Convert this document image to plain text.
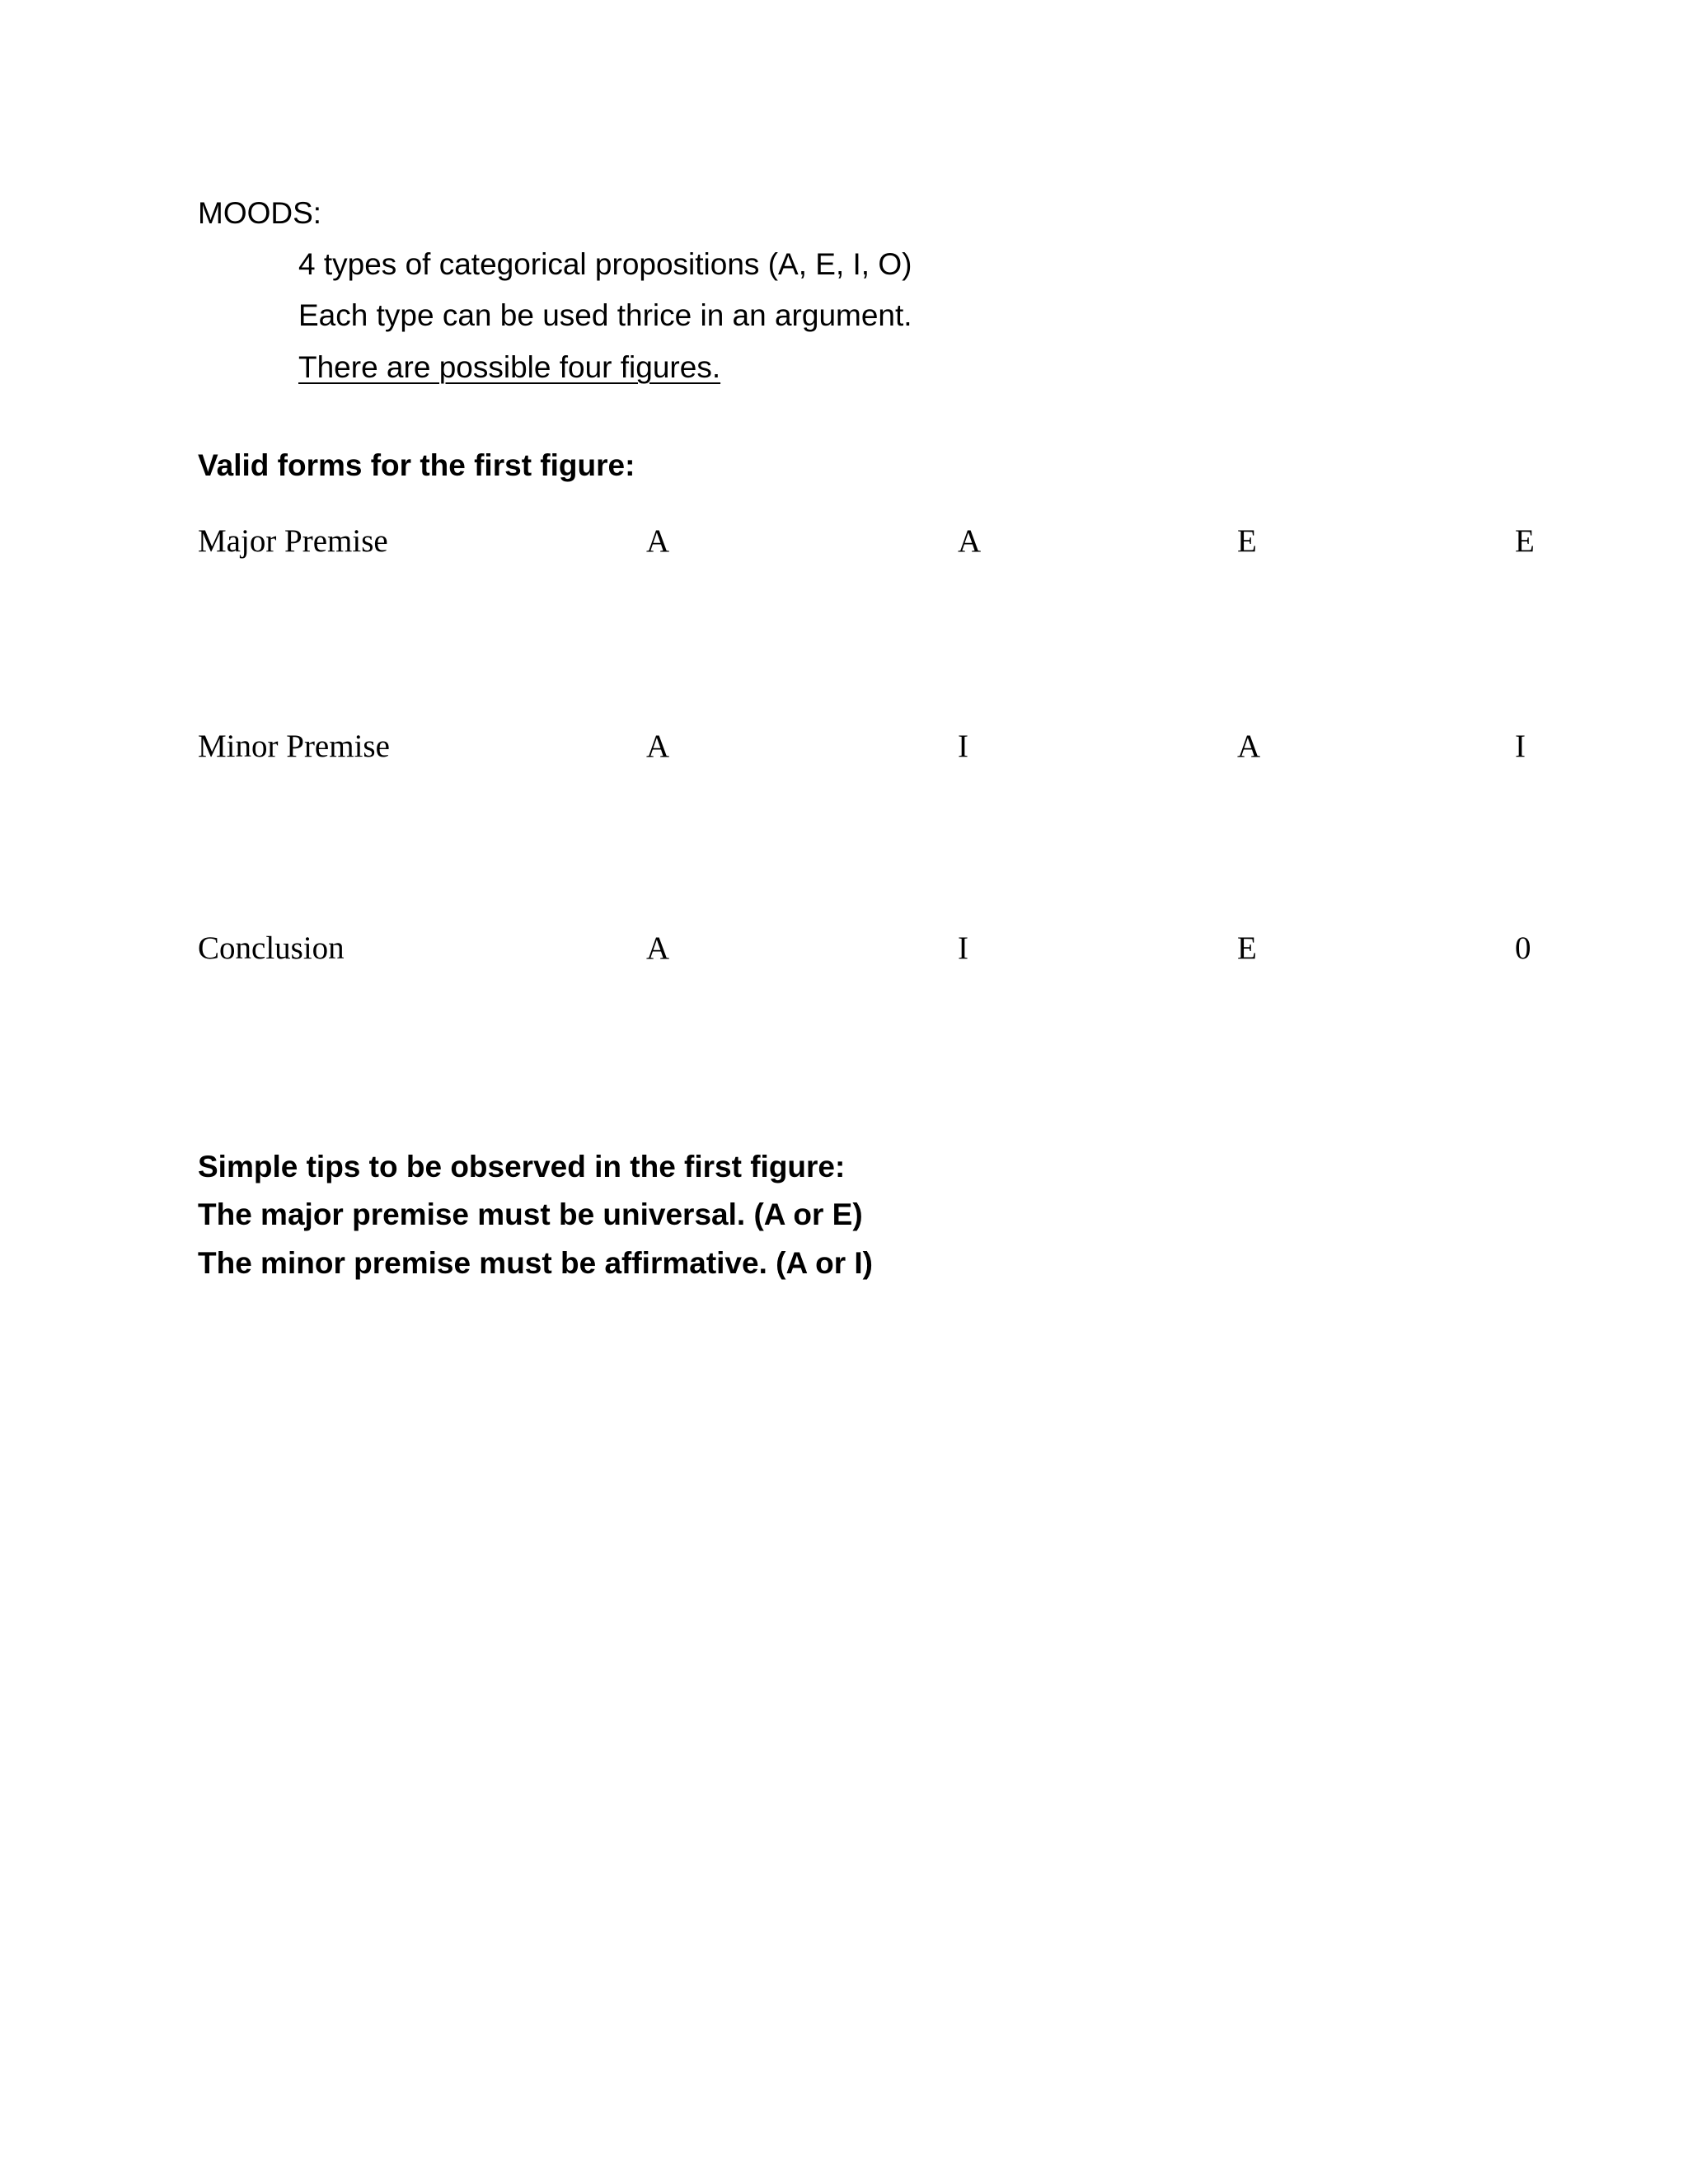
MOODS:

4 types of categorical propositions (A, E, I, O)

Each type can be used thrice in an argument.

There are possible four figures.

Valid forms for the first figure:

Major Premise	A	A	E	E

Minor Premise	A	I	A	I

Conclusion	A	I	E	0

Simple tips to be observed in the first figure:

The major premise must be universal. (A or E)

The minor premise must be affirmative. (A or I)
